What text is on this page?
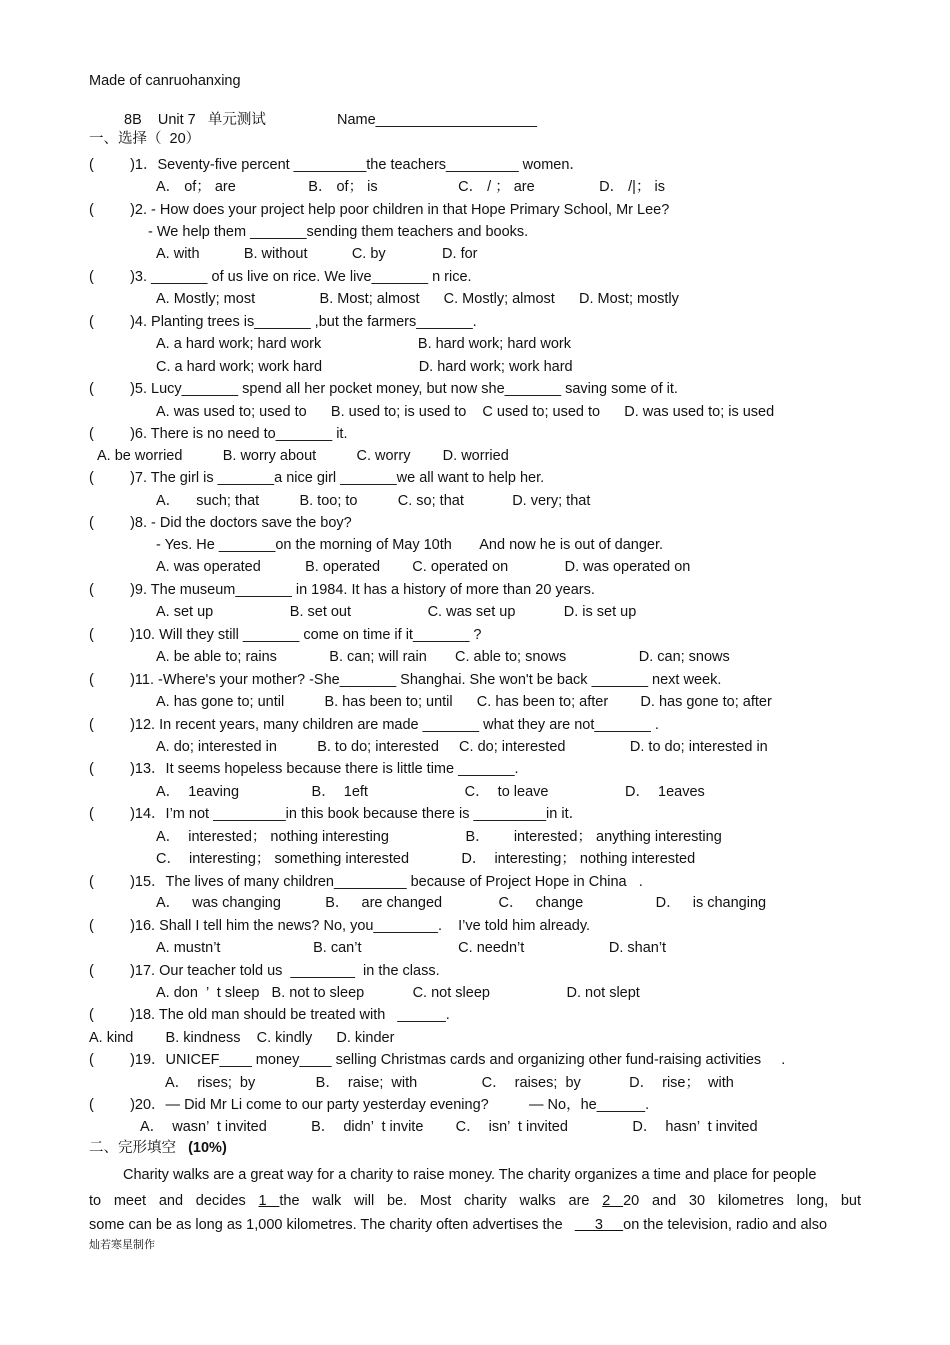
Made of canruohanxing
8B    Unit 7   单元测试	Name____________________
一、选择（  20）
(         )1．Seventy-five percent _________the teachers_________ women．
A． of； are                  B． of； is                    C． / ； are                D． /|； is
(         )2. - How does your project help poor children in that Hope Primary School, Mr Lee?
- We help them _______sending them teachers and books.
A. with           B. without           C. by              D. for
(         )3. _______ of us live on rice. We live_______ n rice.
A. Mostly; most                B. Most; almost      C. Mostly; almost      D. Most; mostly
(         )4. Planting trees is_______ ,but the farmers_______.
A. a hard work; hard work                        B. hard work; hard work
C. a hard work; work hard                        D. hard work; work hard
(         )5. Lucy_______ spend all her pocket money, but now she_______ saving some of it.
A. was used to; used to      B. used to; is used to    C used to; used to      D. was used to; is used
(         )6. There is no need to_______ it.
A. be worried          B. worry about          C. worry        D. worried
(         )7. The girl is _______a nice girl _______we all want to help her.
A．    such; that          B. too; to          C. so; that            D. very; that
(         )8. - Did the doctors save the boy?
- Yes. He _______on the morning of May 10th       And now he is out of danger.
A. was operated           B. operated        C. operated on              D. was operated on
(         )9. The museum_______ in 1984. It has a history of more than 20 years.
A. set up                   B. set out                   C. was set up            D. is set up
(         )10. Will they still _______ come on time if it_______ ?
A. be able to; rains             B. can; will rain       C. able to; snows                  D. can; snows
(         )11. -Where's your mother? -She_______ Shanghai. She won't be back _______ next week.
A. has gone to; until          B. has been to; until      C. has been to; after        D. has gone to; after
(         )12. In recent years, many children are made _______ what they are not_______ .
A. do; interested in          B. to do; interested     C. do; interested                D. to do; interested in
(         )13．It seems hopeless because there is little time _______.
A．  1eaving                  B．  1eft                        C．  to leave                   D．  1eaves
(         )14．I’m not _________in this book because there is _________in it．
A．  interested； nothing interesting                   B．      interested； anything interesting
C．  interesting； something interested             D．  interesting； nothing interested
(         )15．The lives of many children_________ because of Project Hope in China   .
A．   was changing           B．   are changed              C．   change                  D．   is changing
(         )16. Shall I tell him the news? No, you________.    I’ve told him already.
A. mustn’t                       B. can’t                        C. needn’t                     D. shan’t
(         )17. Our teacher told us  ________  in the class.
A. don  ’  t sleep   B. not to sleep            C. not sleep                   D. not slept
(         )18. The old man should be treated with   ______.
A. kind        B. kindness    C. kindly      D. kinder
(         )19．UNICEF____ money____ selling Christmas cards and organizing other fund-raising activities     .
A．  rises;  by               B．  raise;  with                C．  raises;  by            D．  rise；  with
(         )20．— Did Mr Li come to our party yesterday evening?          — No，he______.
A．  wasn’  t invited           B．  didn’  t invite        C．  isn’  t invited                D．  hasn’  t invited
二、完形填空 (10%)
Charity walks are a great way for a charity to raise money. The charity organizes a time and place for people
to meet and decides 1 the walk will be. Most charity walks are 2 20 and 30 kilometres long, but
some can be as long as 1,000 kilometres. The charity often advertises the        3     on the television, radio and also
灿若寒星制作
